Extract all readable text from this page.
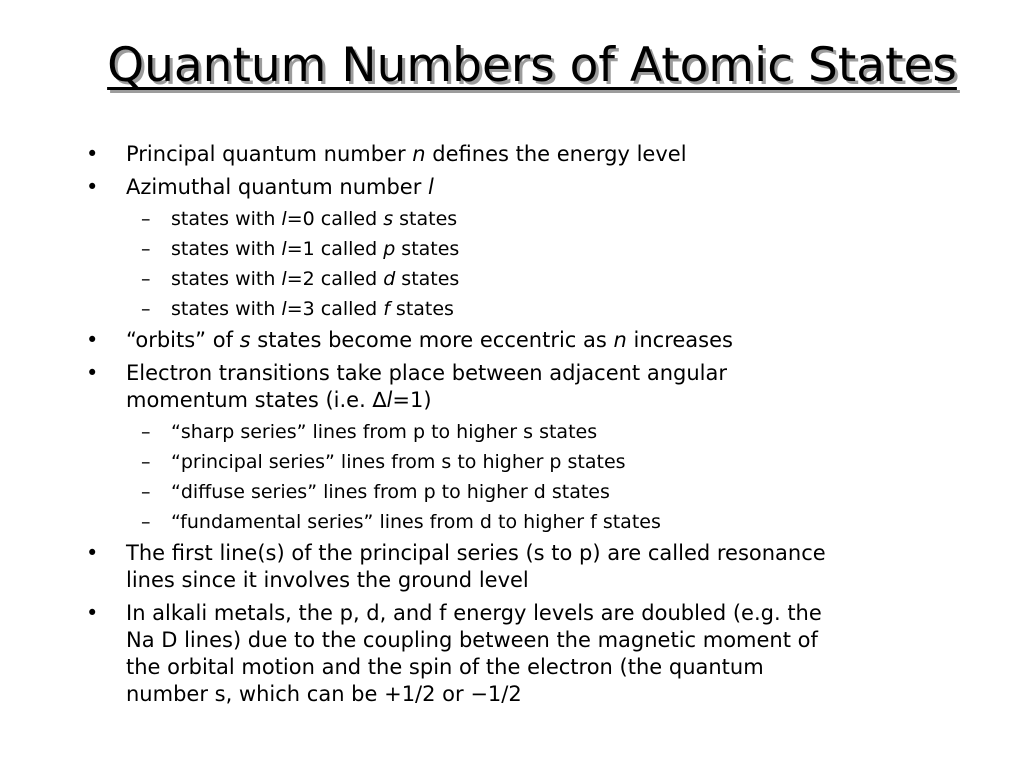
Quantum Numbers of Atomic States
• Principal quantum number n defines the energy level
• Azimuthal quantum number l
– states with l=0 called s states
– states with l=1 called p states
– states with l=2 called d states
– states with l=3 called f states
• “orbits” of s states become more eccentric as n increases
• Electron transitions take place between adjacent angular
momentum states (i.e. ∆l=1)
– “sharp series” lines from p to higher s states
– “principal series” lines from s to higher p states
– “diffuse series” lines from p to higher d states
– “fundamental series” lines from d to higher f states
• The first line(s) of the principal series (s to p) are called resonance
lines since it involves the ground level
• In alkali metals, the p, d, and f energy levels are doubled (e.g. the
Na D lines) due to the coupling between the magnetic moment of
the orbital motion and the spin of the electron (the quantum
number s, which can be +1/2 or −1/2
